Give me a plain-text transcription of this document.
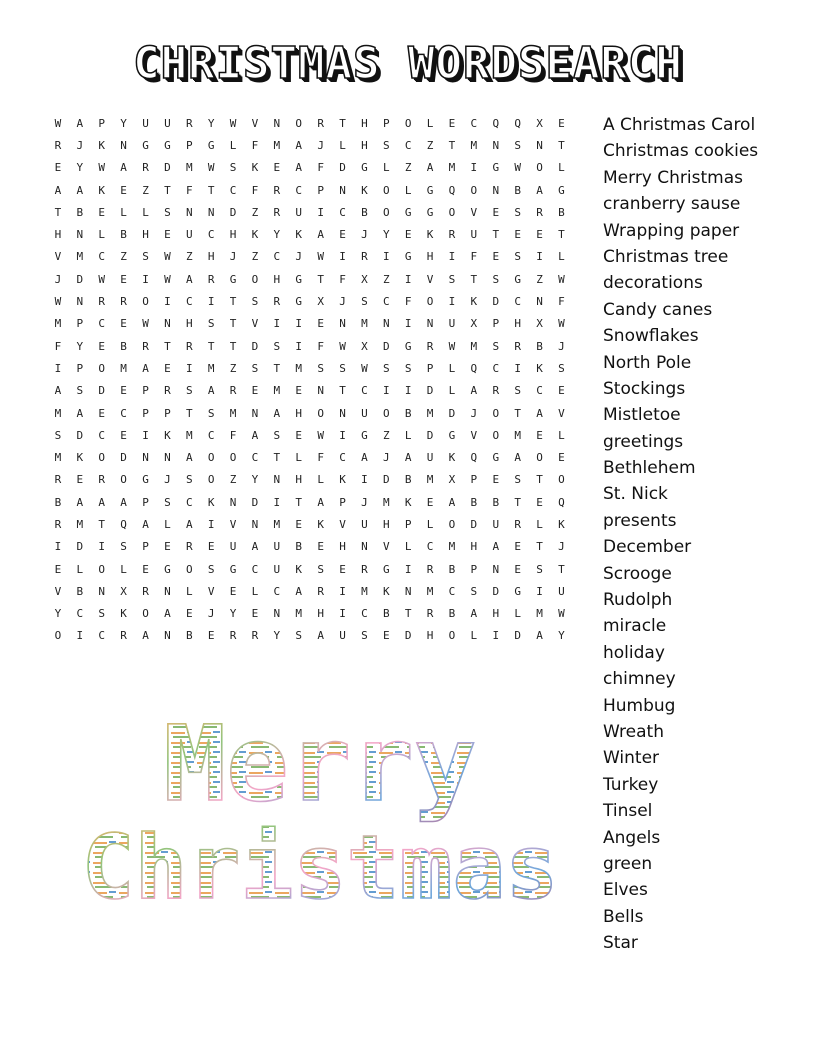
CHRISTMAS WORDSEARCH
W	A	P	Y	U	U	R	Y	W	V	N	O	R	T	H	P	O	L	E	C	Q	Q	X	E
R	J	K	N	G	G	P	G	L	F	M	A	J	L	H	S	C	Z	T	M	N	S	N	T
E	Y	W	A	R	D	M	W	S	K	E	A	F	D	G	L	Z	A	M	I	G	W	O	L
A	A	K	E	Z	T	F	T	C	F	R	C	P	N	K	O	L	G	Q	O	N	B	A	G
T	B	E	L	L	S	N	N	D	Z	R	U	I	C	B	O	G	G	O	V	E	S	R	B
H	N	L	B	H	E	U	C	H	K	Y	K	A	E	J	Y	E	K	R	U	T	E	E	T
V	M	C	Z	S	W	Z	H	J	Z	C	J	W	I	R	I	G	H	I	F	E	S	I	L
J	D	W	E	I	W	A	R	G	O	H	G	T	F	X	Z	I	V	S	T	S	G	Z	W
W	N	R	R	O	I	C	I	T	S	R	G	X	J	S	C	F	O	I	K	D	C	N	F
M	P	C	E	W	N	H	S	T	V	I	I	E	N	M	N	I	N	U	X	P	H	X	W
F	Y	E	B	R	T	R	T	T	D	S	I	F	W	X	D	G	R	W	M	S	R	B	J
I	P	O	M	A	E	I	M	Z	S	T	M	S	S	W	S	S	P	L	Q	C	I	K	S
A	S	D	E	P	R	S	A	R	E	M	E	N	T	C	I	I	D	L	A	R	S	C	E
M	A	E	C	P	P	T	S	M	N	A	H	O	N	U	O	B	M	D	J	O	T	A	V
S	D	C	E	I	K	M	C	F	A	S	E	W	I	G	Z	L	D	G	V	O	M	E	L
M	K	O	D	N	N	A	O	O	C	T	L	F	C	A	J	A	U	K	Q	G	A	O	E
R	E	R	O	G	J	S	O	Z	Y	N	H	L	K	I	D	B	M	X	P	E	S	T	O
B	A	A	A	P	S	C	K	N	D	I	T	A	P	J	M	K	E	A	B	B	T	E	Q
R	M	T	Q	A	L	A	I	V	N	M	E	K	V	U	H	P	L	O	D	U	R	L	K
I	D	I	S	P	E	R	E	U	A	U	B	E	H	N	V	L	C	M	H	A	E	T	J
E	L	O	L	E	G	O	S	G	C	U	K	S	E	R	G	I	R	B	P	N	E	S	T
V	B	N	X	R	N	L	V	E	L	C	A	R	I	M	K	N	M	C	S	D	G	I	U
Y	C	S	K	O	A	E	J	Y	E	N	M	H	I	C	B	T	R	B	A	H	L	M	W
O	I	C	R	A	N	B	E	R	R	Y	S	A	U	S	E	D	H	O	L	I	D	A	Y
A Christmas Carol
Christmas cookies
Merry Christmas
cranberry sause
Wrapping paper
Christmas tree
decorations
Candy canes
Snowflakes
North Pole
Stockings
Mistletoe
greetings
Bethlehem
St. Nick
presents
December
Scrooge
Rudolph
miracle
holiday
chimney
Humbug
Wreath
Winter
Turkey
Tinsel
Angels
green
Elves
Bells
Star
Merry
Christmas
